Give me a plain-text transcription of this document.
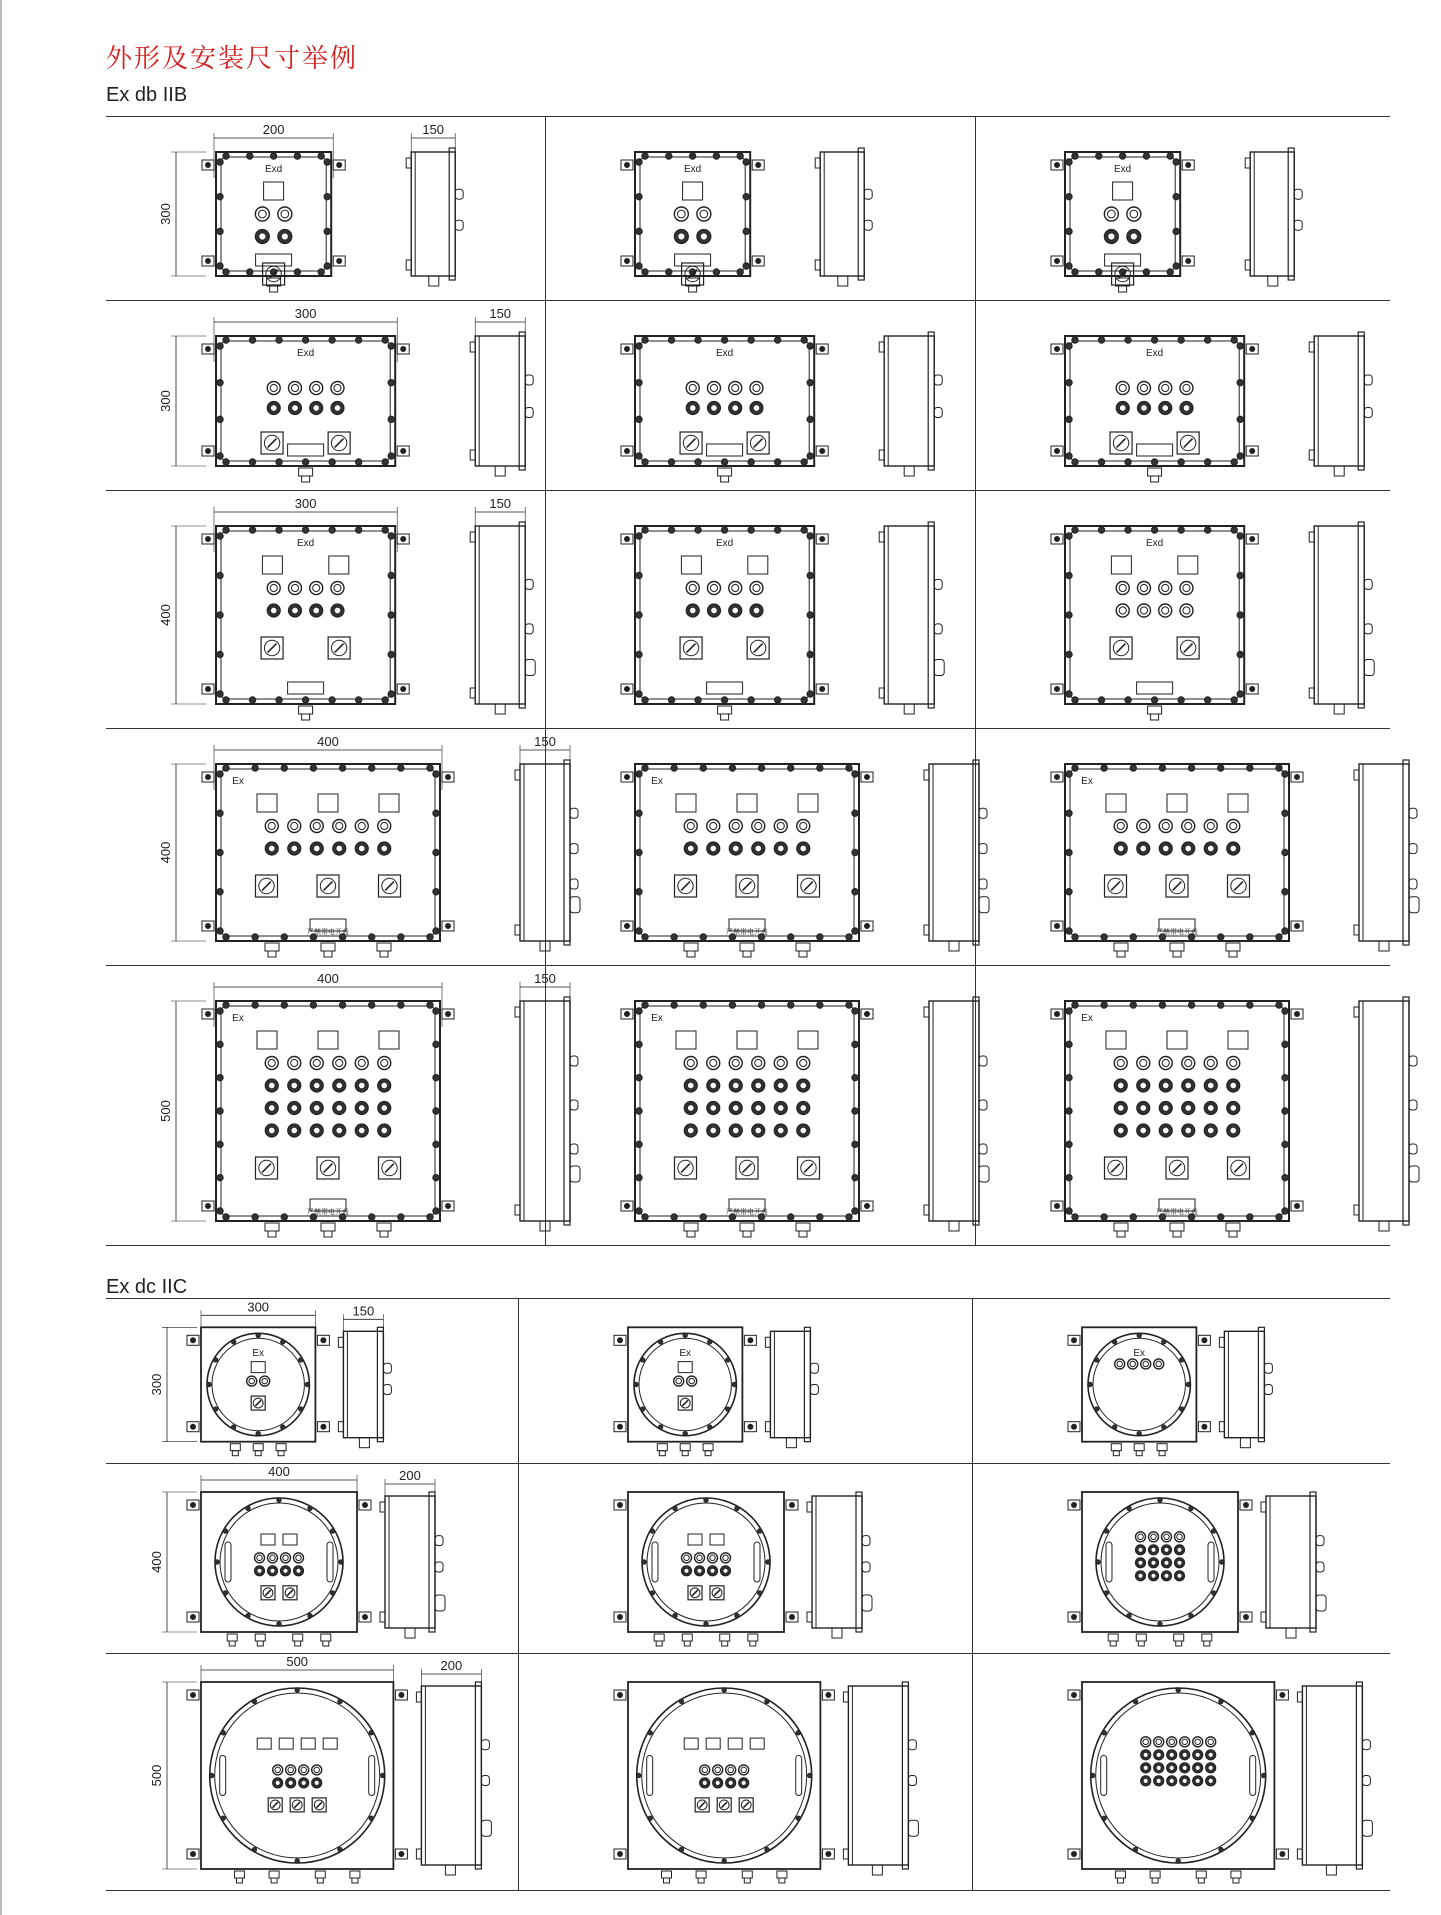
外形及安装尺寸举例
Ex db IIB
Ex dc IIC
Exd
200	150
300
Exd	Exd
Exd
300	150
300
Exd	Exd
Exd
300	150
400
Exd	Exd
Ex
严禁带电开盖
400	150
400
Ex
严禁带电开盖
Ex
严禁带电开盖
Ex
严禁带电开盖
400	150
500
Ex
严禁带电开盖
Ex
严禁带电开盖
Ex
300	150
300
Ex	Ex
400	200
400
500	200
500
